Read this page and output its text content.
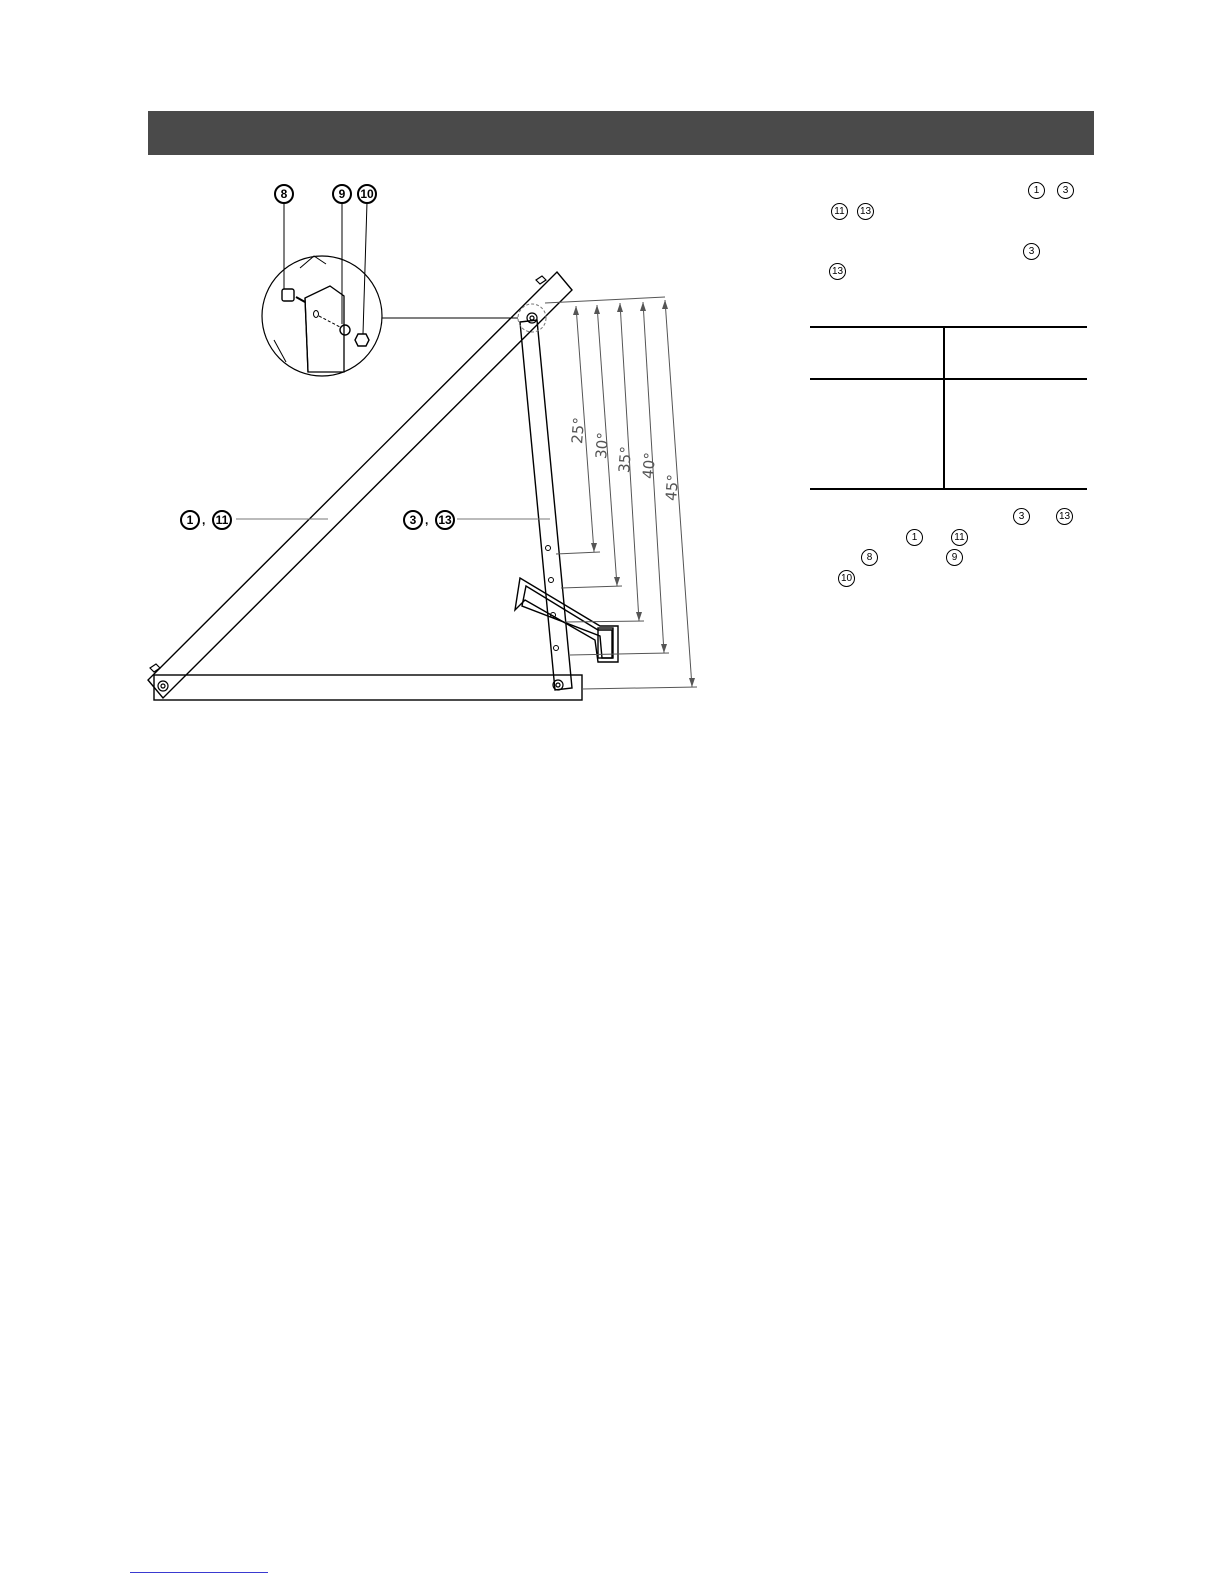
8	9	10
1 , 11	3 , 13
25°
30° 35° 40°
45°
1	3
11	13
3
13
3	13
1	11
8	9
10
